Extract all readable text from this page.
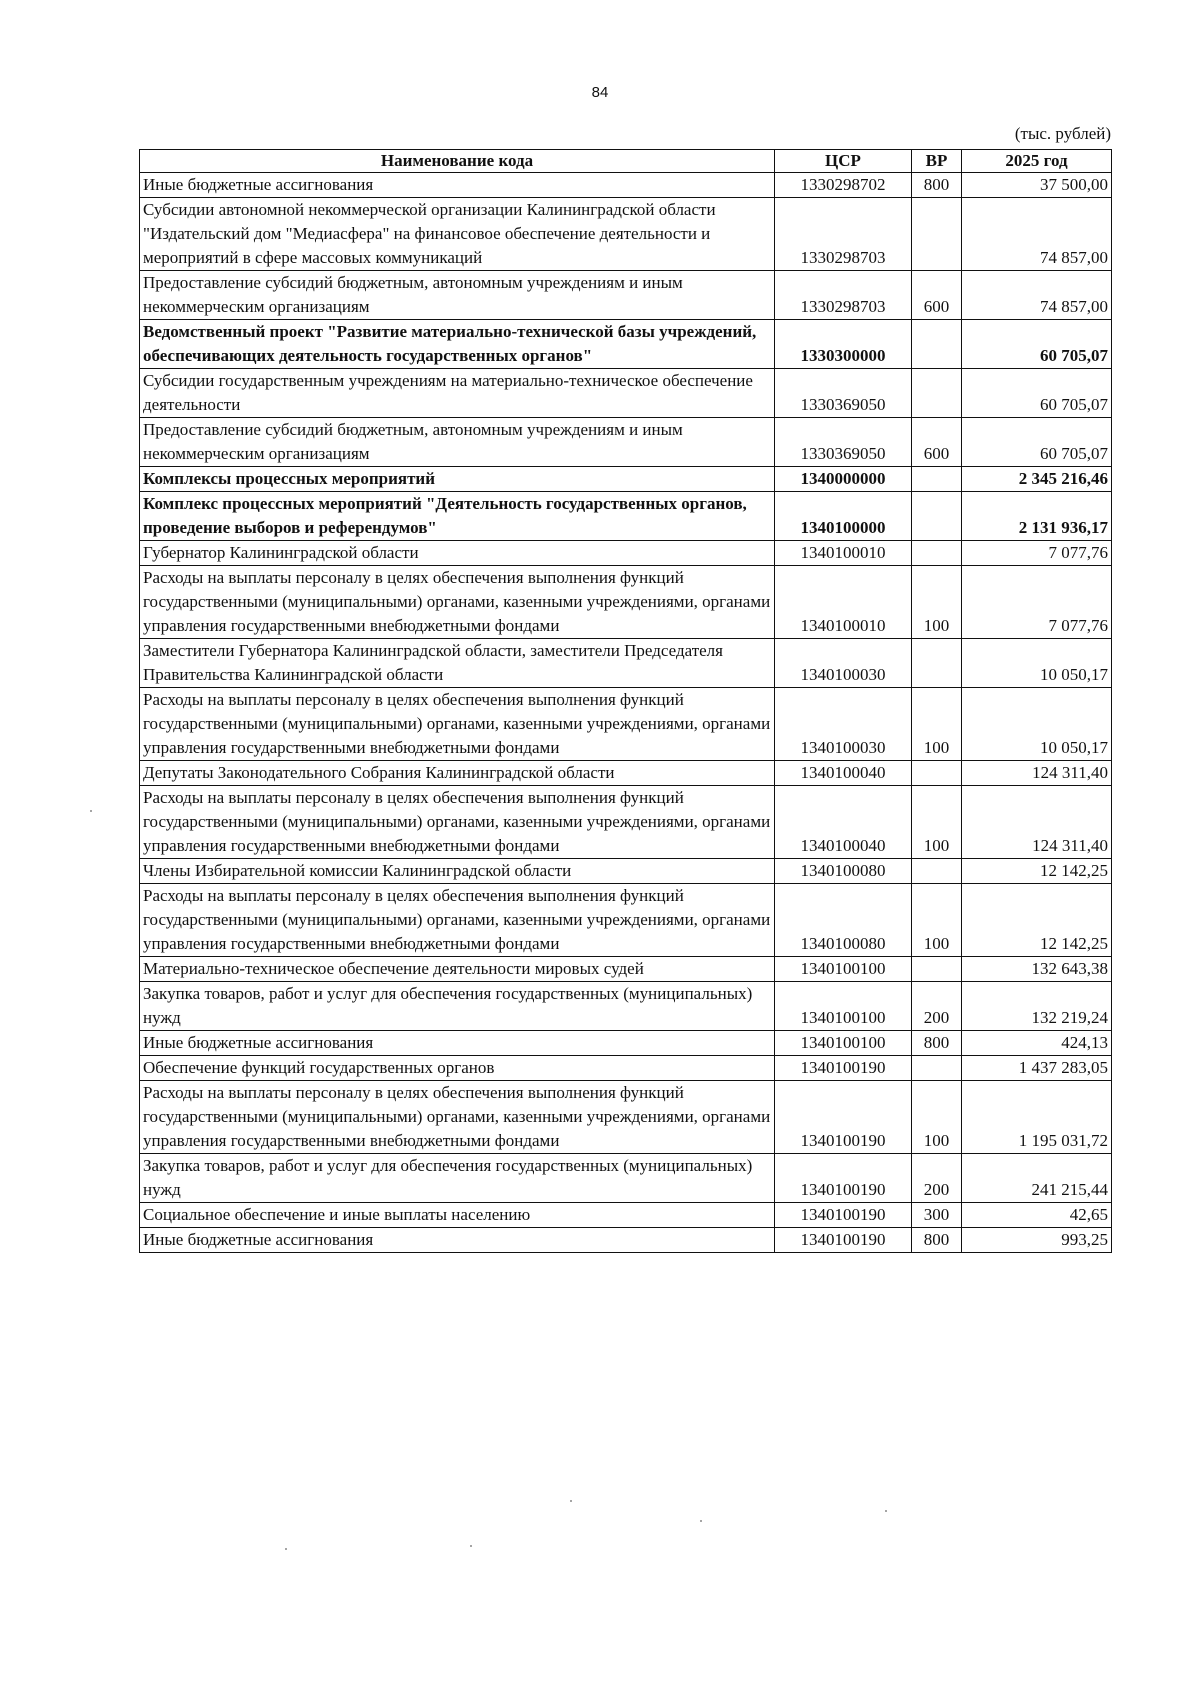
84
(тыс. рублей)
Наименование кода	ЦСР	ВР	2025 год
Иные бюджетные ассигнования	1330298702	800	37 500,00
Субсидии автономной некоммерческой организации Калининградской области "Издательский дом "Медиасфера" на финансовое обеспечение деятельности и мероприятий в сфере массовых коммуникаций	1330298703		74 857,00
Предоставление субсидий бюджетным, автономным учреждениям и иным некоммерческим организациям	1330298703	600	74 857,00
Ведомственный проект "Развитие материально-технической базы учреждений, обеспечивающих деятельность государственных органов"	1330300000		60 705,07
Субсидии государственным учреждениям на материально-техническое обеспечение деятельности	1330369050		60 705,07
Предоставление субсидий бюджетным, автономным учреждениям и иным некоммерческим организациям	1330369050	600	60 705,07
Комплексы процессных мероприятий	1340000000		2 345 216,46
Комплекс процессных мероприятий "Деятельность государственных органов, проведение выборов и референдумов"	1340100000		2 131 936,17
Губернатор Калининградской области	1340100010		7 077,76
Расходы на выплаты персоналу в целях обеспечения выполнения функций государственными (муниципальными) органами, казенными учреждениями, органами управления государственными внебюджетными фондами	1340100010	100	7 077,76
Заместители Губернатора Калининградской области, заместители Председателя Правительства Калининградской области	1340100030		10 050,17
Расходы на выплаты персоналу в целях обеспечения выполнения функций государственными (муниципальными) органами, казенными учреждениями, органами управления государственными внебюджетными фондами	1340100030	100	10 050,17
Депутаты Законодательного Собрания Калининградской области	1340100040		124 311,40
Расходы на выплаты персоналу в целях обеспечения выполнения функций государственными (муниципальными) органами, казенными учреждениями, органами управления государственными внебюджетными фондами	1340100040	100	124 311,40
Члены Избирательной комиссии Калининградской области	1340100080		12 142,25
Расходы на выплаты персоналу в целях обеспечения выполнения функций государственными (муниципальными) органами, казенными учреждениями, органами управления государственными внебюджетными фондами	1340100080	100	12 142,25
Материально-техническое обеспечение деятельности мировых судей	1340100100		132 643,38
Закупка товаров, работ и услуг для обеспечения государственных (муниципальных) нужд	1340100100	200	132 219,24
Иные бюджетные ассигнования	1340100100	800	424,13
Обеспечение функций государственных органов	1340100190		1 437 283,05
Расходы на выплаты персоналу в целях обеспечения выполнения функций государственными (муниципальными) органами, казенными учреждениями, органами управления государственными внебюджетными фондами	1340100190	100	1 195 031,72
Закупка товаров, работ и услуг для обеспечения государственных (муниципальных) нужд	1340100190	200	241 215,44
Социальное обеспечение и иные выплаты населению	1340100190	300	42,65
Иные бюджетные ассигнования	1340100190	800	993,25
